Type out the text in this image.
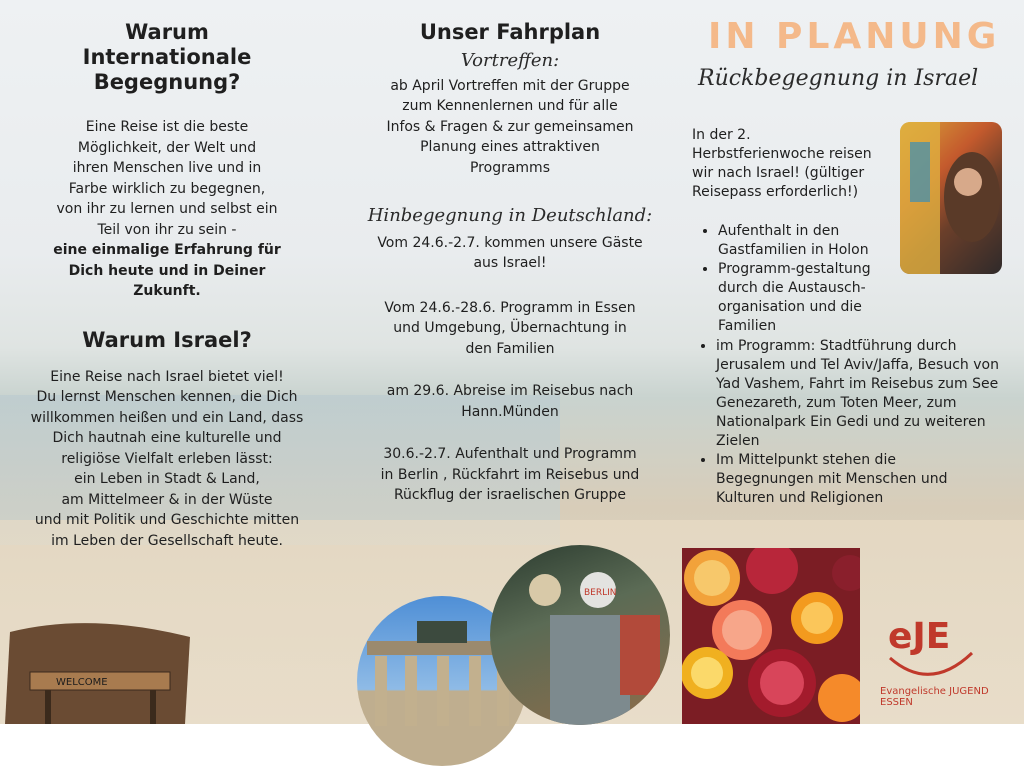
Warum
Internationale
Begegnung?
Eine Reise ist die beste
Möglichkeit, der Welt und
ihren Menschen live und in
Farbe wirklich zu begegnen,
von ihr zu lernen und selbst ein
Teil von ihr zu sein -
eine einmalige Erfahrung für
Dich heute und in Deiner
Zukunft.
Warum Israel?
Eine Reise nach Israel bietet viel!
Du lernst Menschen kennen, die Dich
willkommen heißen und ein Land, dass
Dich hautnah eine kulturelle und
religiöse Vielfalt erleben lässt:
ein Leben in Stadt & Land,
am Mittelmeer & in der Wüste
und mit Politik und Geschichte mitten
im Leben der Gesellschaft heute.
Unser Fahrplan
Vortreffen:
ab April Vortreffen mit der Gruppe
zum Kennenlernen und für alle
Infos & Fragen & zur gemeinsamen
Planung eines attraktiven
Programms
Hinbegegnung in Deutschland:
Vom 24.6.-2.7. kommen unsere Gäste
aus Israel!
Vom 24.6.-28.6. Programm in Essen
und Umgebung, Übernachtung in
den Familien
am 29.6. Abreise im Reisebus nach
Hann.Münden
30.6.-2.7. Aufenthalt und Programm
in Berlin , Rückfahrt im Reisebus und
Rückflug der israelischen Gruppe
IN PLANUNG
Rückbegegnung in Israel
In der 2.
Herbstferienwoche reisen
wir nach Israel! (gültiger
Reisepass erforderlich!)
• Aufenthalt in den
Gastfamilien in Holon
• Programm-gestaltung
durch die Austausch-
organisation und die
Familien
• im Programm: Stadtführung durch
Jerusalem und Tel Aviv/Jaffa, Besuch von
Yad Vashem, Fahrt im Reisebus zum See
Genezareth, zum Toten Meer, zum
Nationalpark Ein Gedi und zu weiteren
Zielen
• Im Mittelpunkt stehen die
Begegnungen mit Menschen und
Kulturen und Religionen
WELCOME
BERLIN
eJE
Evangelische JUGEND ESSEN
